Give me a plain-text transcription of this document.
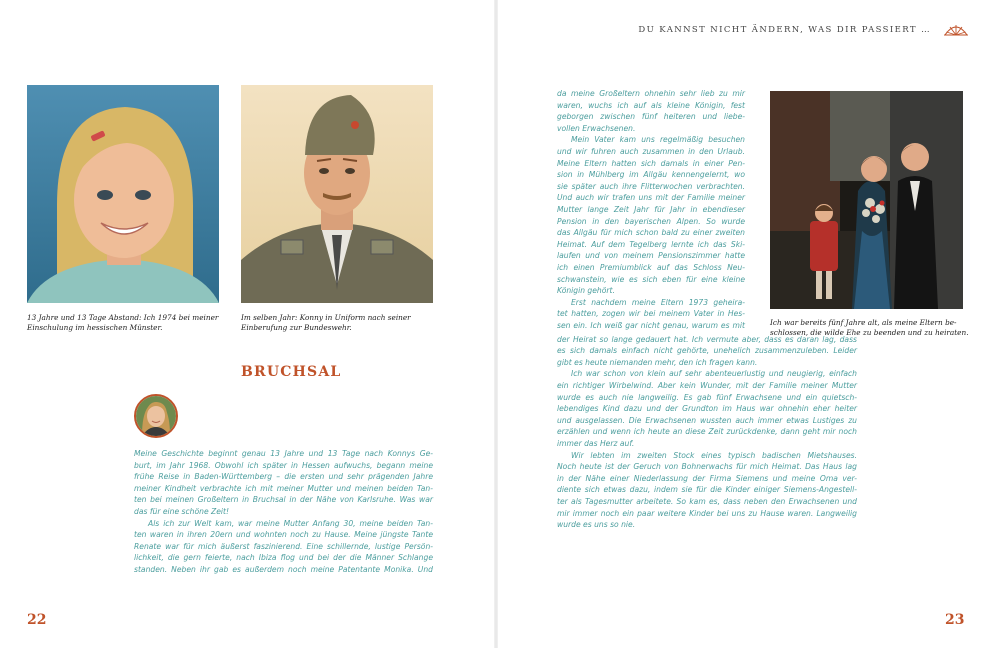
DU KANNST NICHT ÄNDERN, WAS DIR PASSIERT …
13 Jahre und 13 Tage Abstand: Ich 1974 bei meiner
Einschulung im hessischen Münster.
Im selben Jahr: Konny in Uniform nach seiner
Einberufung zur Bundeswehr.
BRUCHSAL
Meine Geschichte beginnt genau 13 Jahre und 13 Tage nach Konnys Ge-
burt, im Jahr 1968. Obwohl ich später in Hessen aufwuchs, begann meine
frühe Reise in Baden-Württemberg – die ersten und sehr prägenden Jahre
meiner Kindheit verbrachte ich mit meiner Mutter und meinen beiden Tan-
ten bei meinen Großeltern in Bruchsal in der Nähe von Karlsruhe. Was war
das für eine schöne Zeit!
Als ich zur Welt kam, war meine Mutter Anfang 30, meine beiden Tan-
ten waren in ihren 20ern und wohnten noch zu Hause. Meine jüngste Tante
Renate war für mich äußerst faszinierend. Eine schillernde, lustige Persön-
lichkeit, die gern feierte, nach Ibiza flog und bei der die Männer Schlange
standen. Neben ihr gab es außerdem noch meine Patentante Monika. Und
22
da meine Großeltern ohnehin sehr lieb zu mir
waren, wuchs ich auf als kleine Königin, fest
geborgen zwischen fünf heiteren und liebe-
vollen Erwachsenen.
Mein Vater kam uns regelmäßig besuchen
und wir fuhren auch zusammen in den Urlaub.
Meine Eltern hatten sich damals in einer Pen-
sion in Mühlberg im Allgäu kennengelernt, wo
sie später auch ihre Flitterwochen verbrachten.
Und auch wir trafen uns mit der Familie meiner
Mutter lange Zeit Jahr für Jahr in ebendieser
Pension in den bayerischen Alpen. So wurde
das Allgäu für mich schon bald zu einer zweiten
Heimat. Auf dem Tegelberg lernte ich das Ski-
laufen und von meinem Pensionszimmer hatte
ich einen Premiumblick auf das Schloss Neu-
schwanstein, wie es sich eben für eine kleine
Königin gehört.
Erst nachdem meine Eltern 1973 geheira-
tet hatten, zogen wir bei meinem Vater in Hes-
sen ein. Ich weiß gar nicht genau, warum es mit
der Heirat so lange gedauert hat. Ich vermute aber, dass es daran lag, dass
es sich damals einfach nicht gehörte, unehelich zusammenzuleben. Leider
gibt es heute niemanden mehr, den ich fragen kann.
Ich war schon von klein auf sehr abenteuerlustig und neugierig, einfach
ein richtiger Wirbelwind. Aber kein Wunder, mit der Familie meiner Mutter
wurde es auch nie langweilig. Es gab fünf Erwachsene und ein quietsch-
lebendiges Kind dazu und der Grundton im Haus war ohnehin eher heiter
und ausgelassen. Die Erwachsenen wussten auch immer etwas Lustiges zu
erzählen und wenn ich heute an diese Zeit zurückdenke, dann geht mir noch
immer das Herz auf.
Wir lebten im zweiten Stock eines typisch badischen Mietshauses.
Noch heute ist der Geruch von Bohnerwachs für mich Heimat. Das Haus lag
in der Nähe einer Niederlassung der Firma Siemens und meine Oma ver-
diente sich etwas dazu, indem sie für die Kinder einiger Siemens-Angestell-
ter als Tagesmutter arbeitete. So kam es, dass neben den Erwachsenen und
mir immer noch ein paar weitere Kinder bei uns zu Hause waren. Langweilig
wurde es uns so nie.
Ich war bereits fünf Jahre alt, als meine Eltern be-
schlossen, die wilde Ehe zu beenden und zu heiraten.
23
